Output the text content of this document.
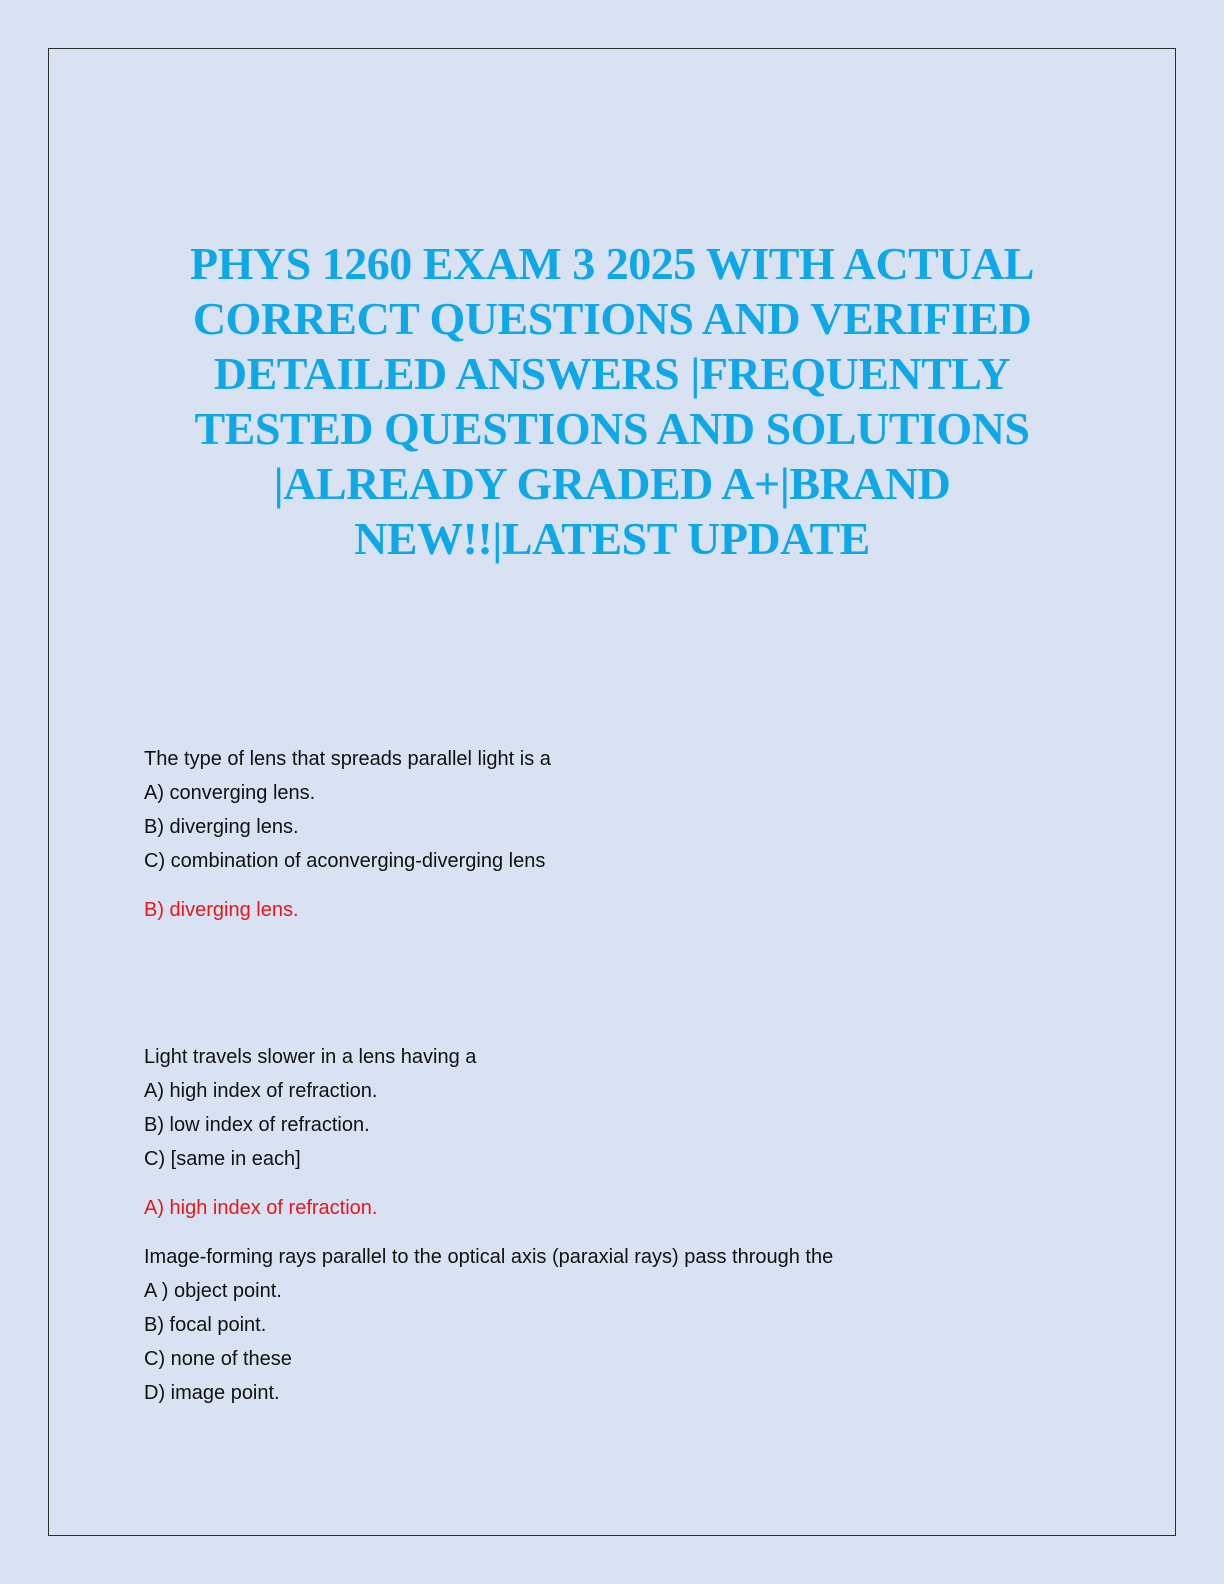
PHYS 1260 EXAM 3 2025 WITH ACTUAL CORRECT QUESTIONS AND VERIFIED DETAILED ANSWERS |FREQUENTLY TESTED QUESTIONS AND SOLUTIONS |ALREADY GRADED A+|BRAND NEW!!|LATEST UPDATE
The type of lens that spreads parallel light is a
A) converging lens.
B) diverging lens.
C) combination of aconverging-diverging lens
B) diverging lens.
Light travels slower in a lens having a
A) high index of refraction.
B) low index of refraction.
C) [same in each]
A) high index of refraction.
Image-forming rays parallel to the optical axis (paraxial rays) pass through the
A ) object point.
B) focal point.
C) none of these
D) image point.
